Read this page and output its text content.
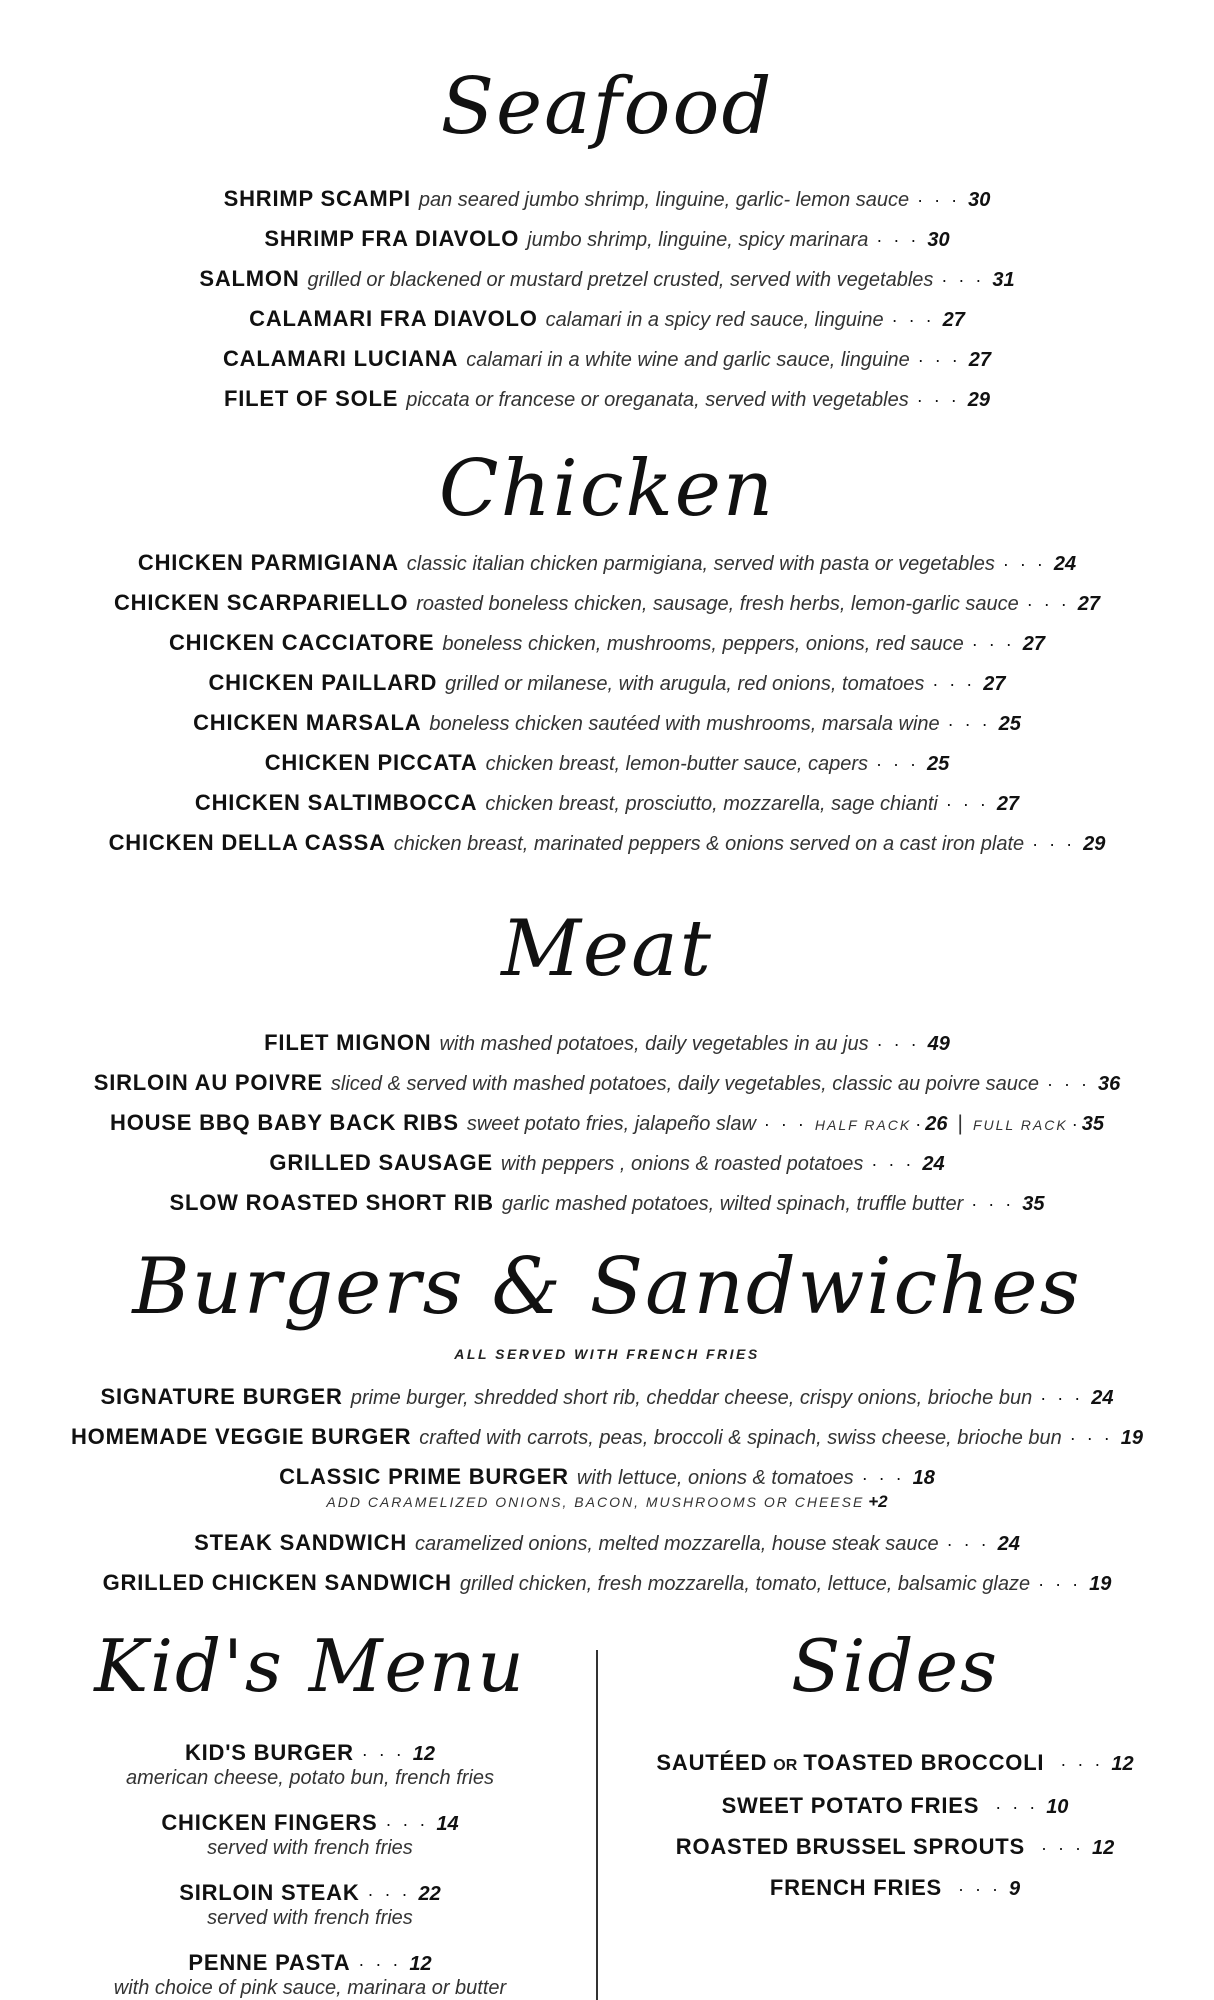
Seafood
SHRIMP SCAMPI pan seared jumbo shrimp, linguine, garlic- lemon sauce · · · 30
SHRIMP FRA DIAVOLO jumbo shrimp, linguine, spicy marinara · · · 30
SALMON grilled or blackened or mustard pretzel crusted, served with vegetables · · · 31
CALAMARI FRA DIAVOLO calamari in a spicy red sauce, linguine · · · 27
CALAMARI LUCIANA calamari in a white wine and garlic sauce, linguine · · · 27
FILET OF SOLE piccata or francese or oreganata, served with vegetables · · · 29
Chicken
CHICKEN PARMIGIANA classic italian chicken parmigiana, served with pasta or vegetables · · · 24
CHICKEN SCARPARIELLO roasted boneless chicken, sausage, fresh herbs, lemon-garlic sauce · · · 27
CHICKEN CACCIATORE boneless chicken, mushrooms, peppers, onions, red sauce · · · 27
CHICKEN PAILLARD grilled or milanese, with arugula, red onions, tomatoes · · · 27
CHICKEN MARSALA boneless chicken sautéed with mushrooms, marsala wine · · · 25
CHICKEN PICCATA chicken breast, lemon-butter sauce, capers · · · 25
CHICKEN SALTIMBOCCA chicken breast, prosciutto, mozzarella, sage chianti · · · 27
CHICKEN DELLA CASSA chicken breast, marinated peppers & onions served on a cast iron plate · · · 29
Meat
FILET MIGNON with mashed potatoes, daily vegetables in au jus · · · 49
SIRLOIN AU POIVRE sliced & served with mashed potatoes, daily vegetables, classic au poivre sauce · · · 36
HOUSE BBQ BABY BACK RIBS sweet potato fries, jalapeño slaw · · · HALF RACK · 26 | FULL RACK · 35
GRILLED SAUSAGE with peppers , onions & roasted potatoes · · · 24
SLOW ROASTED SHORT RIB garlic mashed potatoes, wilted spinach, truffle butter · · · 35
Burgers & Sandwiches
ALL SERVED WITH FRENCH FRIES
SIGNATURE BURGER prime burger, shredded short rib, cheddar cheese, crispy onions, brioche bun · · · 24
HOMEMADE VEGGIE BURGER crafted with carrots, peas, broccoli & spinach, swiss cheese, brioche bun · · · 19
CLASSIC PRIME BURGER with lettuce, onions & tomatoes · · · 18
ADD CARAMELIZED ONIONS, BACON, MUSHROOMS OR CHEESE +2
STEAK SANDWICH caramelized onions, melted mozzarella, house steak sauce · · · 24
GRILLED CHICKEN SANDWICH grilled chicken, fresh mozzarella, tomato, lettuce, balsamic glaze · · · 19
Kid's Menu
KID'S BURGER · · · 12
american cheese, potato bun, french fries
CHICKEN FINGERS · · · 14
served with french fries
SIRLOIN STEAK · · · 22
served with french fries
PENNE PASTA · · · 12
with choice of pink sauce, marinara or butter
Sides
SAUTÉED OR TOASTED BROCCOLI · · · 12
SWEET POTATO FRIES · · · 10
ROASTED BRUSSEL SPROUTS · · · 12
FRENCH FRIES · · · 9
